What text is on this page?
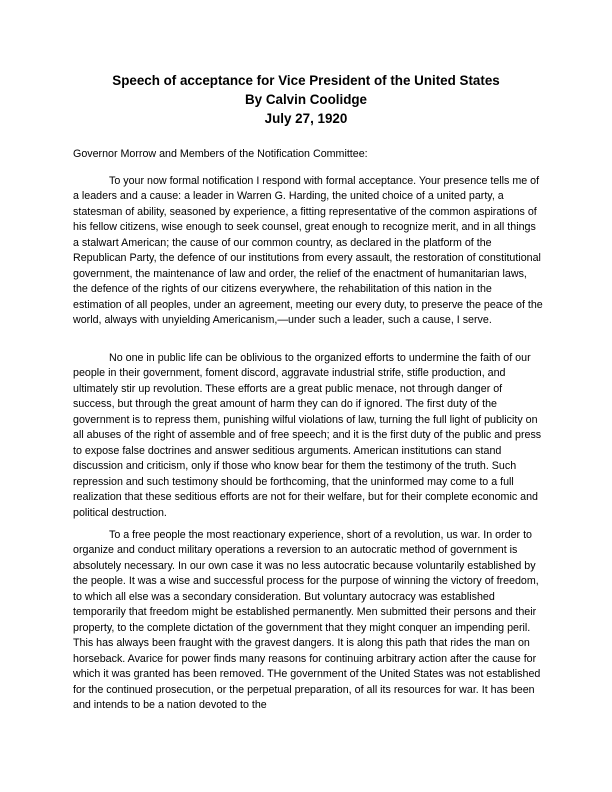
Speech of acceptance for Vice President of the United States

By Calvin Coolidge

July 27, 1920

Governor Morrow and Members of the Notification Committee:

To your now formal notification I respond with formal acceptance. Your presence tells me of a leaders and a cause: a leader in Warren G. Harding, the united choice of a united party, a statesman of ability, seasoned by experience, a fitting representative of the common aspirations of his fellow citizens, wise enough to seek counsel, great enough to recognize merit, and in all things a stalwart American; the cause of our common country, as declared in the platform of the Republican Party, the defence of our institutions from every assault, the restoration of constitutional government, the maintenance of law and order, the relief of the enactment of humanitarian laws, the defence of the rights of our citizens everywhere, the rehabilitation of this nation in the estimation of all peoples, under an agreement, meeting our every duty, to preserve the peace of the world, always with unyielding Americanism,—under such a leader, such a cause, I serve.

No one in public life can be oblivious to the organized efforts to undermine the faith of our people in their government, foment discord, aggravate industrial strife, stifle production, and ultimately stir up revolution. These efforts are a great public menace, not through danger of success, but through the great amount of harm they can do if ignored. The first duty of the government is to repress them, punishing wilful violations of law, turning the full light of publicity on all abuses of the right of assemble and of free speech; and it is the first duty of the public and press to expose false doctrines and answer seditious arguments. American institutions can stand discussion and criticism, only if those who know bear for them the testimony of the truth. Such repression and such testimony should be forthcoming, that the uninformed may come to a full realization that these seditious efforts are not for their welfare, but for their complete economic and political destruction.

To a free people the most reactionary experience, short of a revolution, us war. In order to organize and conduct military operations a reversion to an autocratic method of government is absolutely necessary. In our own case it was no less autocratic because voluntarily established by the people. It was a wise and successful process for the purpose of winning the victory of freedom, to which all else was a secondary consideration. But voluntary autocracy was established temporarily that freedom might be established permanently. Men submitted their persons and their property, to the complete dictation of the government that they might conquer an impending peril. This has always been fraught with the gravest dangers. It is along this path that rides the man on horseback. Avarice for power finds many reasons for continuing arbitrary action after the cause for which it was granted has been removed. THe government of the United States was not established for the continued prosecution, or the perpetual preparation, of all its resources for war. It has been and intends to be a nation devoted to the
